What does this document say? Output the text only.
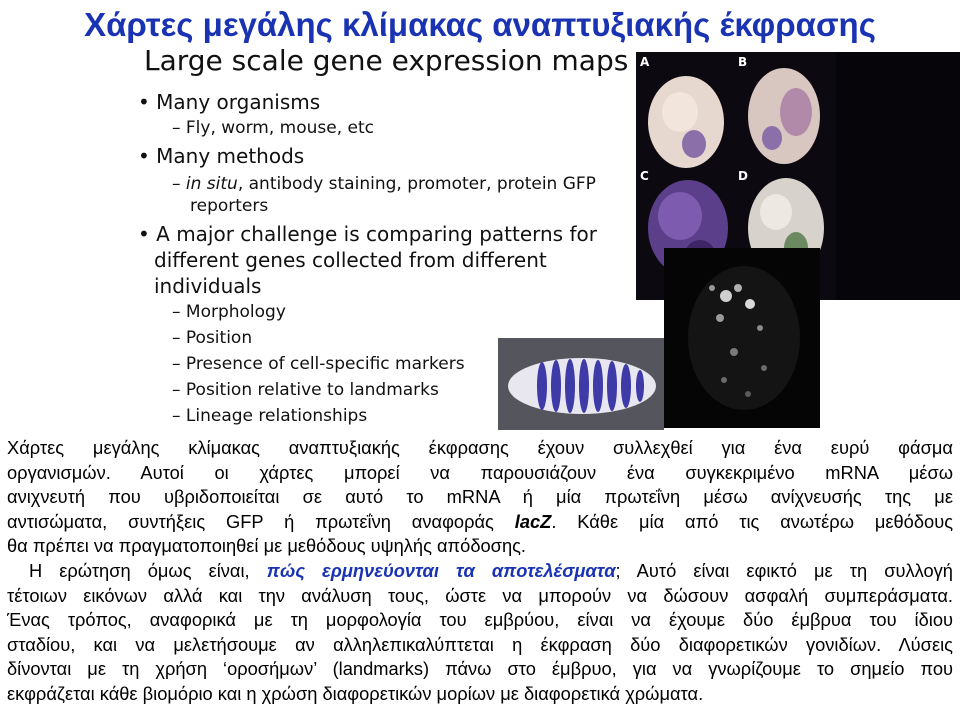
Χάρτες μεγάλης κλίμακας αναπτυξιακής έκφρασης
Large scale gene expression maps
• Many organisms
– Fly, worm, mouse, etc
• Many methods
– in situ, antibody staining, promoter, protein GFP
reporters
• A major challenge is comparing patterns for
different genes collected from different
individuals
– Morphology
– Position
– Presence of cell-specific markers
– Position relative to landmarks
– Lineage relationships
A	B
C	D
Χάρτες μεγάλης κλίμακας αναπτυξιακής έκφρασης έχουν συλλεχθεί για ένα ευρύ φάσμα
οργανισμών. Αυτοί οι χάρτες μπορεί να παρουσιάζουν ένα συγκεκριμένο mRNA μέσω
ανιχνευτή που υβριδοποιείται σε αυτό το mRNA ή μία πρωτεΐνη μέσω ανίχνευσής της με
αντισώματα, συντήξεις GFP ή πρωτεΐνη αναφοράς lacZ. Κάθε μία από τις ανωτέρω μεθόδους
θα πρέπει να πραγματοποιηθεί με μεθόδους υψηλής απόδοσης.
Η ερώτηση όμως είναι, πώς ερμηνεύονται τα αποτελέσματα; Αυτό είναι εφικτό με τη συλλογή
τέτοιων εικόνων αλλά και την ανάλυση τους, ώστε να μπορούν να δώσουν ασφαλή συμπεράσματα.
Ένας τρόπος, αναφορικά με τη μορφολογία του εμβρύου, είναι να έχουμε δύο έμβρυα του ίδιου
σταδίου, και να μελετήσουμε αν αλληλεπικαλύπτεται η έκφραση δύο διαφορετικών γονιδίων. Λύσεις
δίνονται με τη χρήση ‘οροσήμων’ (landmarks) πάνω στο έμβρυο, για να γνωρίζουμε το σημείο που
εκφράζεται κάθε βιομόριο και η χρώση διαφορετικών μορίων με διαφορετικά χρώματα.
